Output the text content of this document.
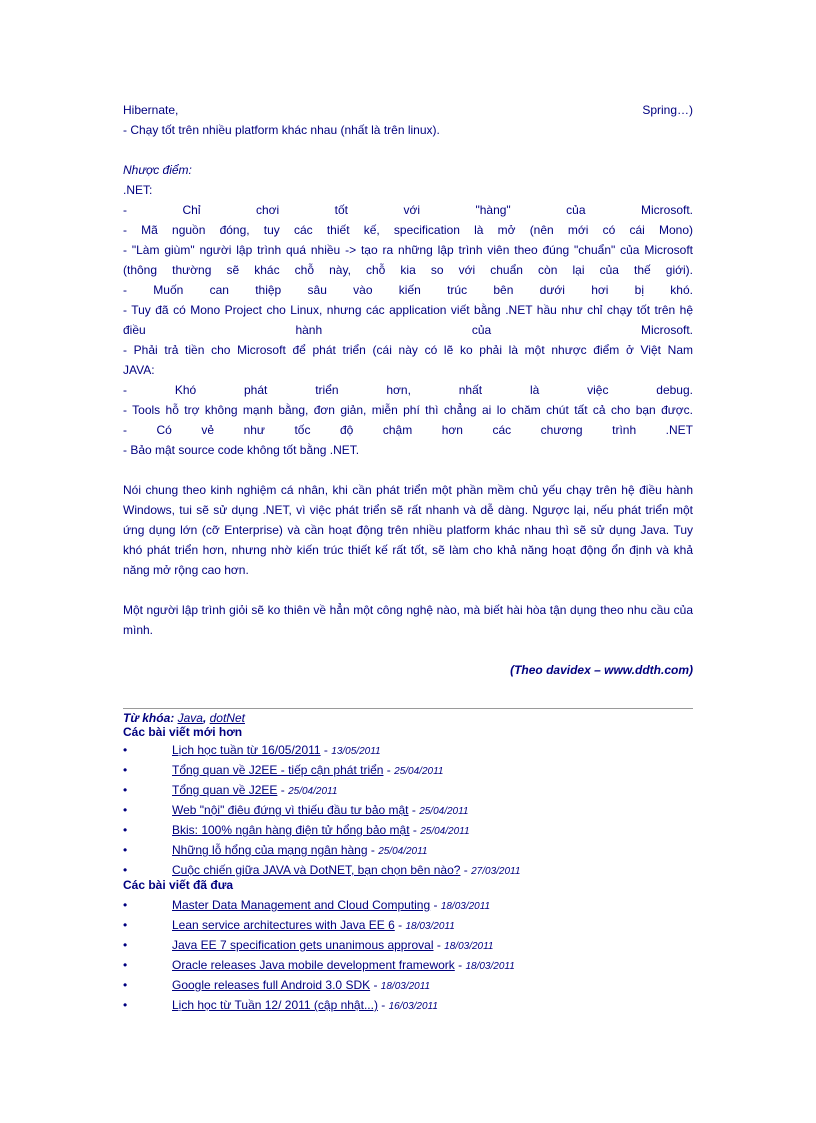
Hibernate,	Spring…)
- Chạy tốt trên nhiều platform khác nhau (nhất là trên linux).
Nhược điểm:
.NET:
- Chỉ chơi tốt với "hàng" của Microsoft.
- Mã nguồn đóng, tuy các thiết kế, specification là mở (nên mới có cái Mono)
- "Làm giùm" người lập trình quá nhiều -> tạo ra những lập trình viên theo đúng "chuẩn" của Microsoft
(thông thường sẽ khác chỗ này, chỗ kia so với chuẩn còn lại của thế giới).
- Muốn can thiệp sâu vào kiến trúc bên dưới hơi bị khó.
- Tuy đã có Mono Project cho Linux, nhưng các application viết bằng .NET hầu như chỉ chạy tốt trên hệ
điều hành của Microsoft.
- Phải trả tiền cho Microsoft để phát triển (cái này có lẽ ko phải là một nhược điểm ở Việt Nam
JAVA:
- Khó phát triển hơn, nhất là việc debug.
- Tools hỗ trợ không mạnh bằng, đơn giản, miễn phí thì chẳng ai lo chăm chút tất cả cho bạn được.
- Có vẻ như tốc độ chậm hơn các chương trình .NET
- Bảo mật source code không tốt bằng .NET.
Nói chung theo kinh nghiệm cá nhân, khi cần phát triển một phần mềm chủ yếu chạy trên hệ điều hành Windows, tui sẽ sử dụng .NET, vì việc phát triển sẽ rất nhanh và dễ dàng. Ngược lại, nếu phát triển một ứng dụng lớn (cỡ Enterprise) và cần hoạt động trên nhiều platform khác nhau thì sẽ sử dụng Java. Tuy khó phát triển hơn, nhưng nhờ kiến trúc thiết kế rất tốt, sẽ làm cho khả năng hoạt động ổn định và khả năng mở rộng cao hơn.
Một người lập trình giỏi sẽ ko thiên về hẳn một công nghệ nào, mà biết hài hòa tận dụng theo nhu cầu của mình.
(Theo davidex – www.ddth.com)
Từ khóa: Java, dotNet
Các bài viết mới hơn
•	Lịch học tuần từ 16/05/2011 - 13/05/2011
•	Tổng quan về J2EE - tiếp cận phát triển - 25/04/2011
•	Tổng quan về J2EE - 25/04/2011
•	Web "nội" điêu đứng vì thiếu đầu tư bảo mật - 25/04/2011
•	Bkis: 100% ngân hàng điện tử hổng bảo mật - 25/04/2011
•	Những lỗ hổng của mạng ngân hàng - 25/04/2011
•	Cuộc chiến giữa JAVA và DotNET, bạn chọn bên nào? - 27/03/2011
Các bài viết đã đưa
•	Master Data Management and Cloud Computing - 18/03/2011
•	Lean service architectures with Java EE 6 - 18/03/2011
•	Java EE 7 specification gets unanimous approval - 18/03/2011
•	Oracle releases Java mobile development framework - 18/03/2011
•	Google releases full Android 3.0 SDK - 18/03/2011
•	Lịch học từ Tuần 12/ 2011 (cập nhật...) - 16/03/2011
